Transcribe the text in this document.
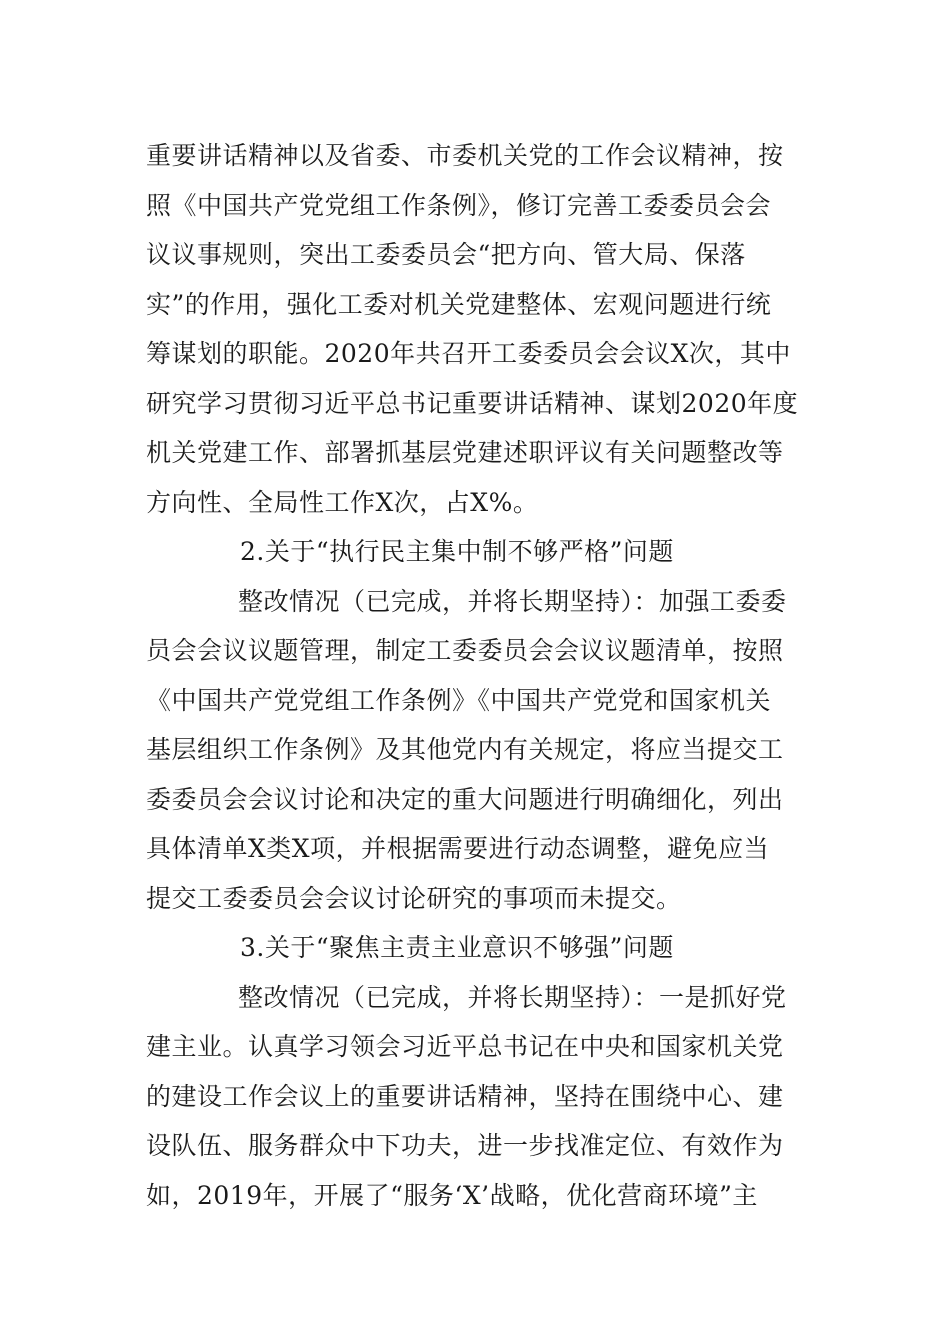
重要讲话精神以及省委、市委机关党的工作会议精神，按
照《中国共产党党组工作条例》，修订完善工委委员会会
议议事规则，突出工委委员会“把方向、管大局、保落
实”的作用，强化工委对机关党建整体、宏观问题进行统
筹谋划的职能。2020年共召开工委委员会会议X次，其中
研究学习贯彻习近平总书记重要讲话精神、谋划2020年度
机关党建工作、部署抓基层党建述职评议有关问题整改等
方向性、全局性工作X次，占X%。
2.关于“执行民主集中制不够严格”问题
整改情况（已完成，并将长期坚持）：加强工委委
员会会议议题管理，制定工委委员会会议议题清单，按照
《中国共产党党组工作条例》《中国共产党党和国家机关
基层组织工作条例》及其他党内有关规定，将应当提交工
委委员会会议讨论和决定的重大问题进行明确细化，列出
具体清单X类X项，并根据需要进行动态调整，避免应当
提交工委委员会会议讨论研究的事项而未提交。
3.关于“聚焦主责主业意识不够强”问题
整改情况（已完成，并将长期坚持）：一是抓好党
建主业。认真学习领会习近平总书记在中央和国家机关党
的建设工作会议上的重要讲话精神，坚持在围绕中心、建
设队伍、服务群众中下功夫，进一步找准定位、有效作为
如，2019年，开展了“服务‘X’战略，优化营商环境”主
